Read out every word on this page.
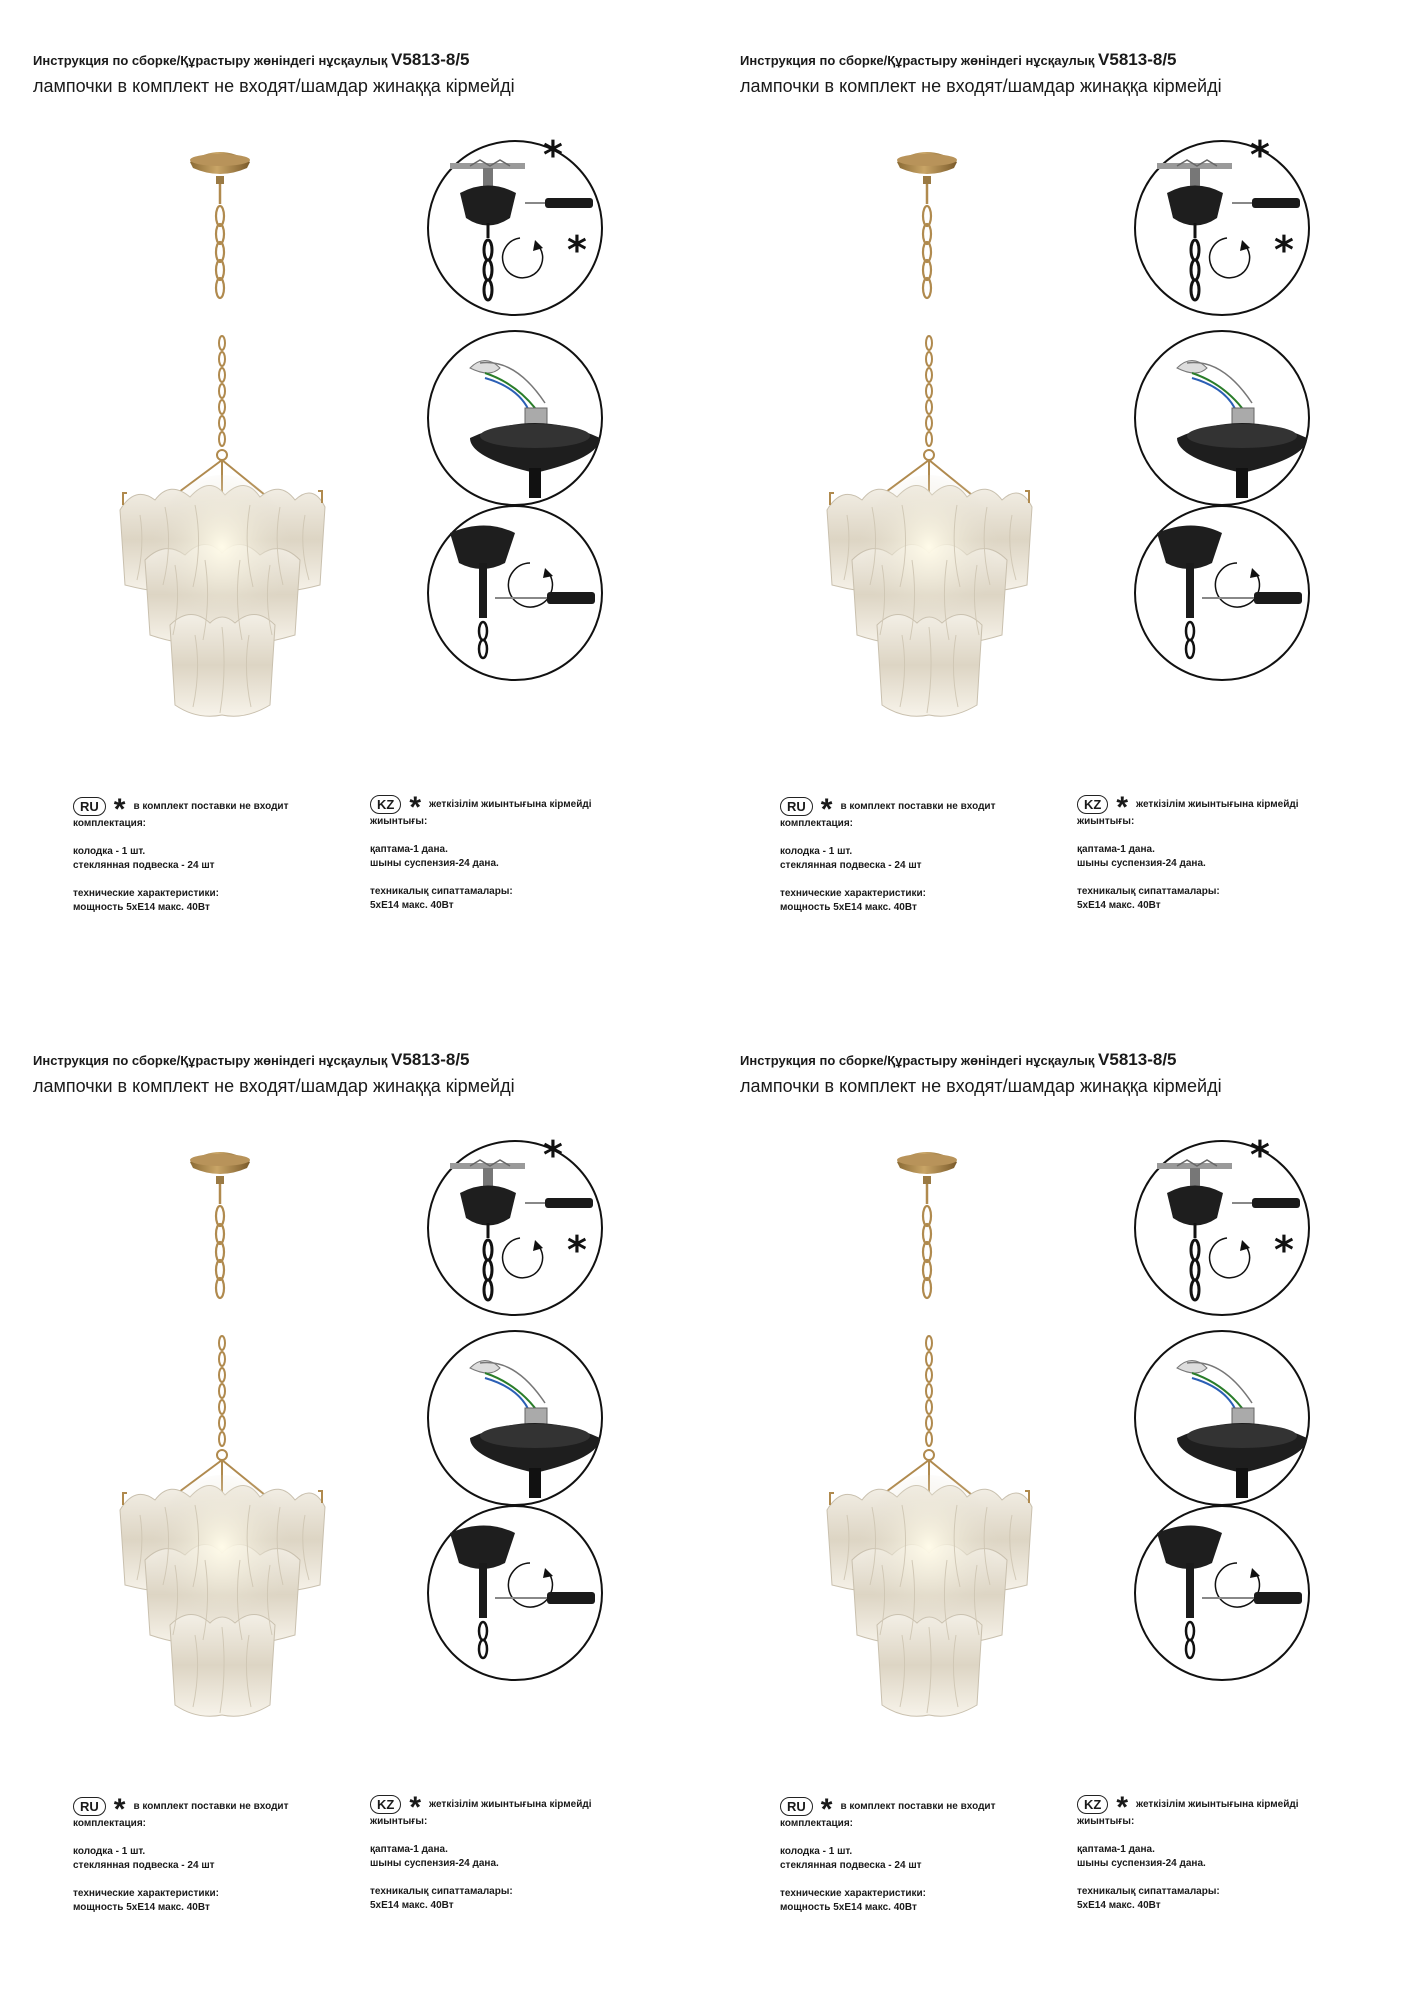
Инструкция по сборке/Құрастыру жөніндегі нұсқаулық V5813-8/5
лампочки в комплект не входят/шамдар жинаққа кірмейді
*
*
RU * в комплект поставки не входит
комплектация:
колодка - 1 шт.
стеклянная подвеска - 24 шт
технические характеристики:
мощность 5xE14 макс. 40Вт
KZ * жеткізілім жиынтығына кірмейді
жиынтығы:
қаптама-1 дана.
шыны суспензия-24 дана.
техникалық сипаттамалары:
5xE14 макс. 40Вт
Инструкция по сборке/Құрастыру жөніндегі нұсқаулық V5813-8/5
лампочки в комплект не входят/шамдар жинаққа кірмейді
*
*
RU * в комплект поставки не входит
комплектация:
колодка - 1 шт.
стеклянная подвеска - 24 шт
технические характеристики:
мощность 5xE14 макс. 40Вт
KZ * жеткізілім жиынтығына кірмейді
жиынтығы:
қаптама-1 дана.
шыны суспензия-24 дана.
техникалық сипаттамалары:
5xE14 макс. 40Вт
Инструкция по сборке/Құрастыру жөніндегі нұсқаулық V5813-8/5
лампочки в комплект не входят/шамдар жинаққа кірмейді
*
*
RU * в комплект поставки не входит
комплектация:
колодка - 1 шт.
стеклянная подвеска - 24 шт
технические характеристики:
мощность 5xE14 макс. 40Вт
KZ * жеткізілім жиынтығына кірмейді
жиынтығы:
қаптама-1 дана.
шыны суспензия-24 дана.
техникалық сипаттамалары:
5xE14 макс. 40Вт
Инструкция по сборке/Құрастыру жөніндегі нұсқаулық V5813-8/5
лампочки в комплект не входят/шамдар жинаққа кірмейді
*
*
RU * в комплект поставки не входит
комплектация:
колодка - 1 шт.
стеклянная подвеска - 24 шт
технические характеристики:
мощность 5xE14 макс. 40Вт
KZ * жеткізілім жиынтығына кірмейді
жиынтығы:
қаптама-1 дана.
шыны суспензия-24 дана.
техникалық сипаттамалары:
5xE14 макс. 40Вт
